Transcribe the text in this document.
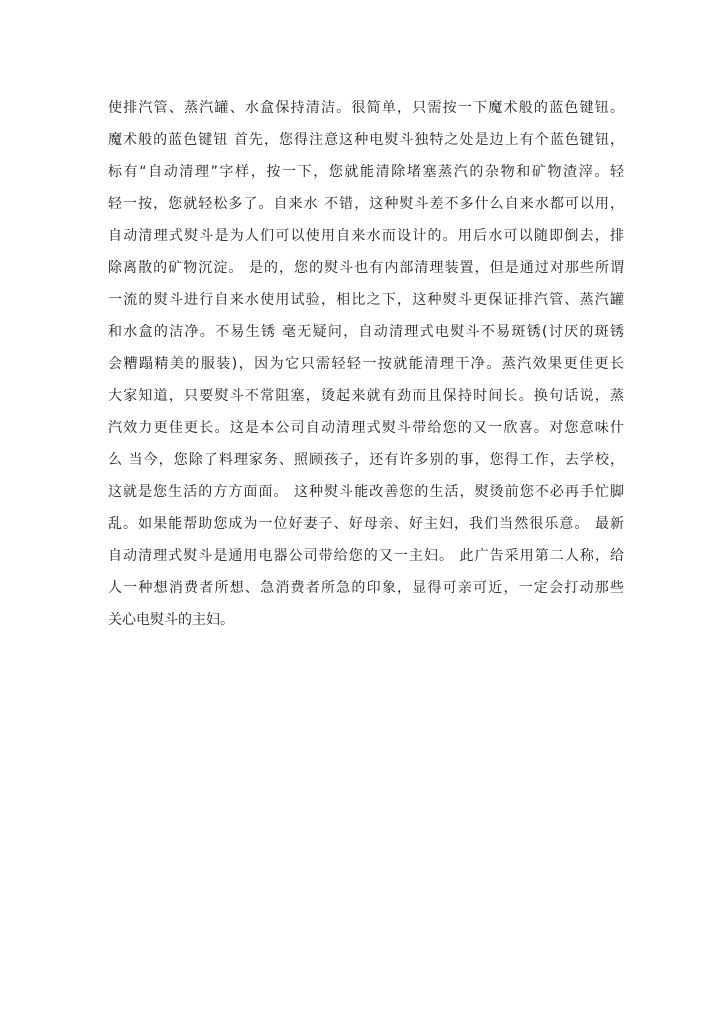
使排汽管、蒸汽罐、水盒保持清洁。很简单，只需按一下魔术般的蓝色键钮。
魔术般的蓝色键钮 首先，您得注意这种电熨斗独特之处是边上有个蓝色键钮，
标有“自动清理”字样，按一下，您就能清除堵塞蒸汽的杂物和矿物渣滓。轻
轻一按，您就轻松多了。自来水 不错，这种熨斗差不多什么自来水都可以用，
自动清理式熨斗是为人们可以使用自来水而设计的。用后水可以随即倒去，排
除离散的矿物沉淀。 是的，您的熨斗也有内部清理装置，但是通过对那些所谓
一流的熨斗进行自来水使用试验，相比之下，这种熨斗更保证排汽管、蒸汽罐
和水盒的洁净。不易生锈 毫无疑问，自动清理式电熨斗不易斑锈(讨厌的斑锈
会糟蹋精美的服装)，因为它只需轻轻一按就能清理干净。蒸汽效果更佳更长
大家知道，只要熨斗不常阻塞，烫起来就有劲而且保持时间长。换句话说，蒸
汽效力更佳更长。这是本公司自动清理式熨斗带给您的又一欣喜。对您意味什
么 当今，您除了料理家务、照顾孩子，还有许多别的事，您得工作，去学校，
这就是您生活的方方面面。 这种熨斗能改善您的生活，熨烫前您不必再手忙脚
乱。如果能帮助您成为一位好妻子、好母亲、好主妇，我们当然很乐意。 最新
自动清理式熨斗是通用电器公司带给您的又一主妇。 此广告采用第二人称，给
人一种想消费者所想、急消费者所急的印象，显得可亲可近，一定会打动那些
关心电熨斗的主妇。
